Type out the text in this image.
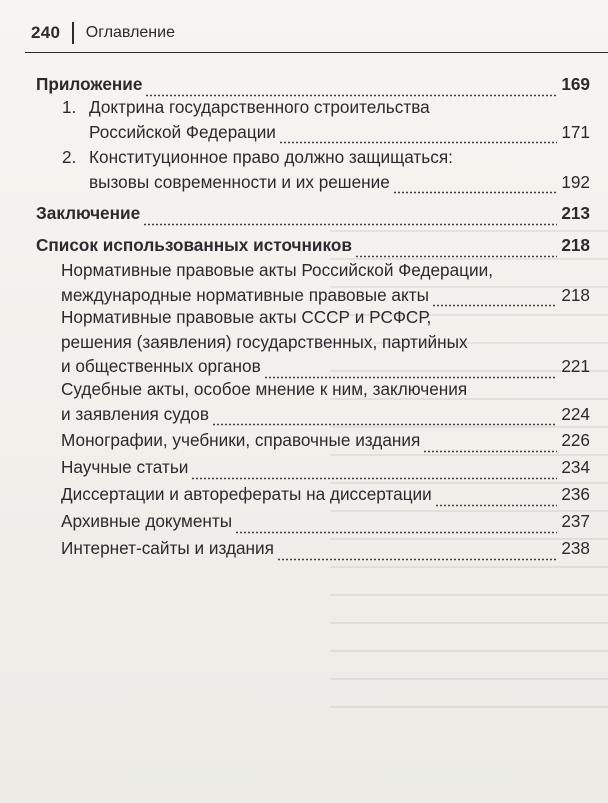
240	Оглавление
Приложение	169
1. Доктрина государственного строительства
Российской Федерации	171
2. Конституционное право должно защищаться:
вызовы современности и их решение	192
Заключение	213
Список использованных источников	218
Нормативные правовые акты Российской Федерации,
международные нормативные правовые акты	218
Нормативные правовые акты СССР и РСФСР,
решения (заявления) государственных, партийных
и общественных органов	221
Судебные акты, особое мнение к ним, заключения
и заявления судов	224
Монографии, учебники, справочные издания	226
Научные статьи	234
Диссертации и автореферaты на диссертации	236
Архивные документы	237
Интернет-сайты и издания	238
